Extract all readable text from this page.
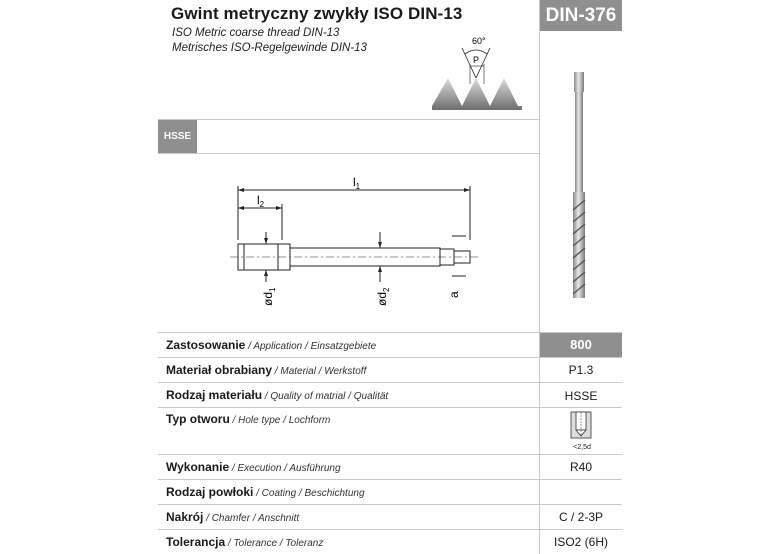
Gwint metryczny zwykły ISO DIN-13
ISO Metric coarse thread DIN-13
Metrisches ISO-Regelgewinde DIN-13
DIN-376
60°
P
HSSE
$l_1$
$l_2$
$ød_1$
$ød_2$
a
Zastosowanie / Application / Einsatzgebiete	800
Materiał obrabiany / Material / Werkstoff	P1.3
Rodzaj materiału / Quality of matrial / Qualität	HSSE
Typ otworu / Hole type / Lochform
<2,5d
Wykonanie / Execution / Ausführung	R40
Rodzaj powłoki / Coating / Beschichtung
Nakrój / Chamfer / Anschnitt	C / 2-3P
Tolerancja / Tolerance / Toleranz	ISO2 (6H)
